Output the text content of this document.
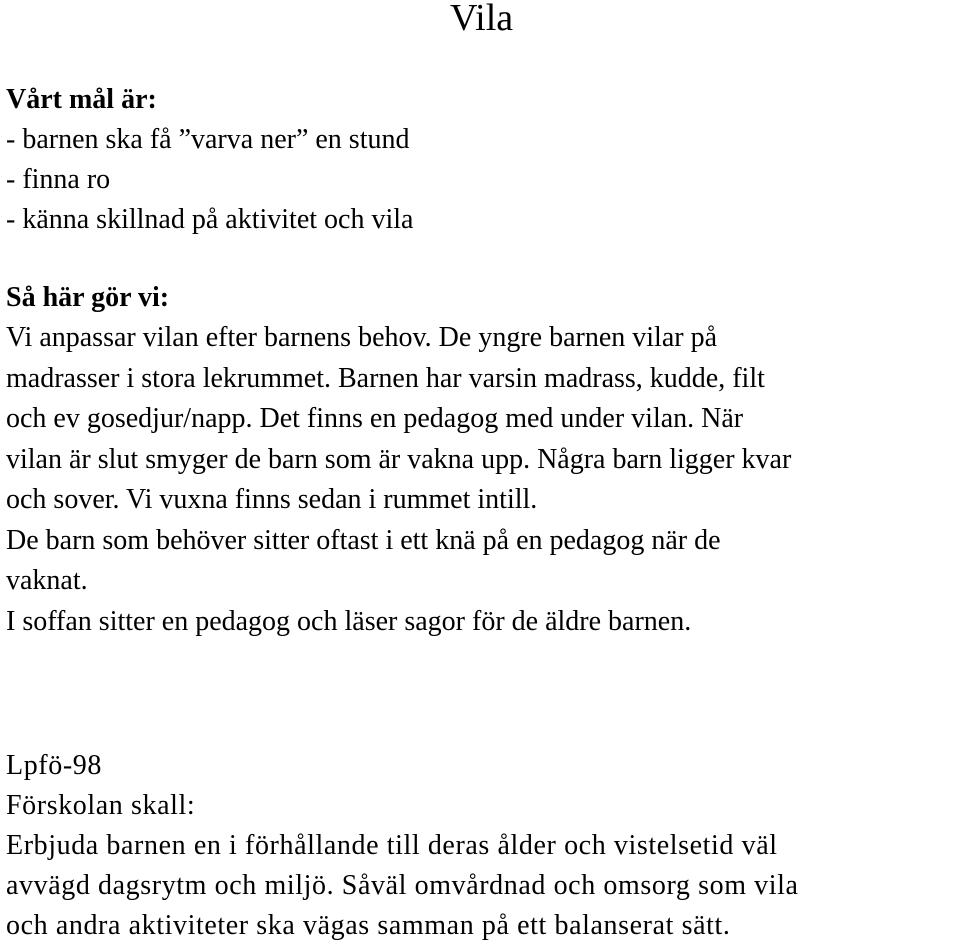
Vila
Vårt mål är:
- barnen ska få ”varva ner” en stund
- finna ro
- känna skillnad på aktivitet och vila
Så här gör vi:
Vi anpassar vilan efter barnens behov. De yngre barnen vilar på
madrasser i stora lekrummet. Barnen har varsin madrass, kudde, filt
och ev gosedjur/napp. Det finns en pedagog med under vilan. När
vilan är slut smyger de barn som är vakna upp. Några barn ligger kvar
och sover. Vi vuxna finns sedan i rummet intill.
De barn som behöver sitter oftast i ett knä på en pedagog när de
vaknat.
I soffan sitter en pedagog och läser sagor för de äldre barnen.
Lpfö-98
Förskolan skall:
Erbjuda barnen en i förhållande till deras ålder och vistelsetid väl
avvägd dagsrytm och miljö. Såväl omvårdnad och omsorg som vila
och andra aktiviteter ska vägas samman på ett balanserat sätt.
